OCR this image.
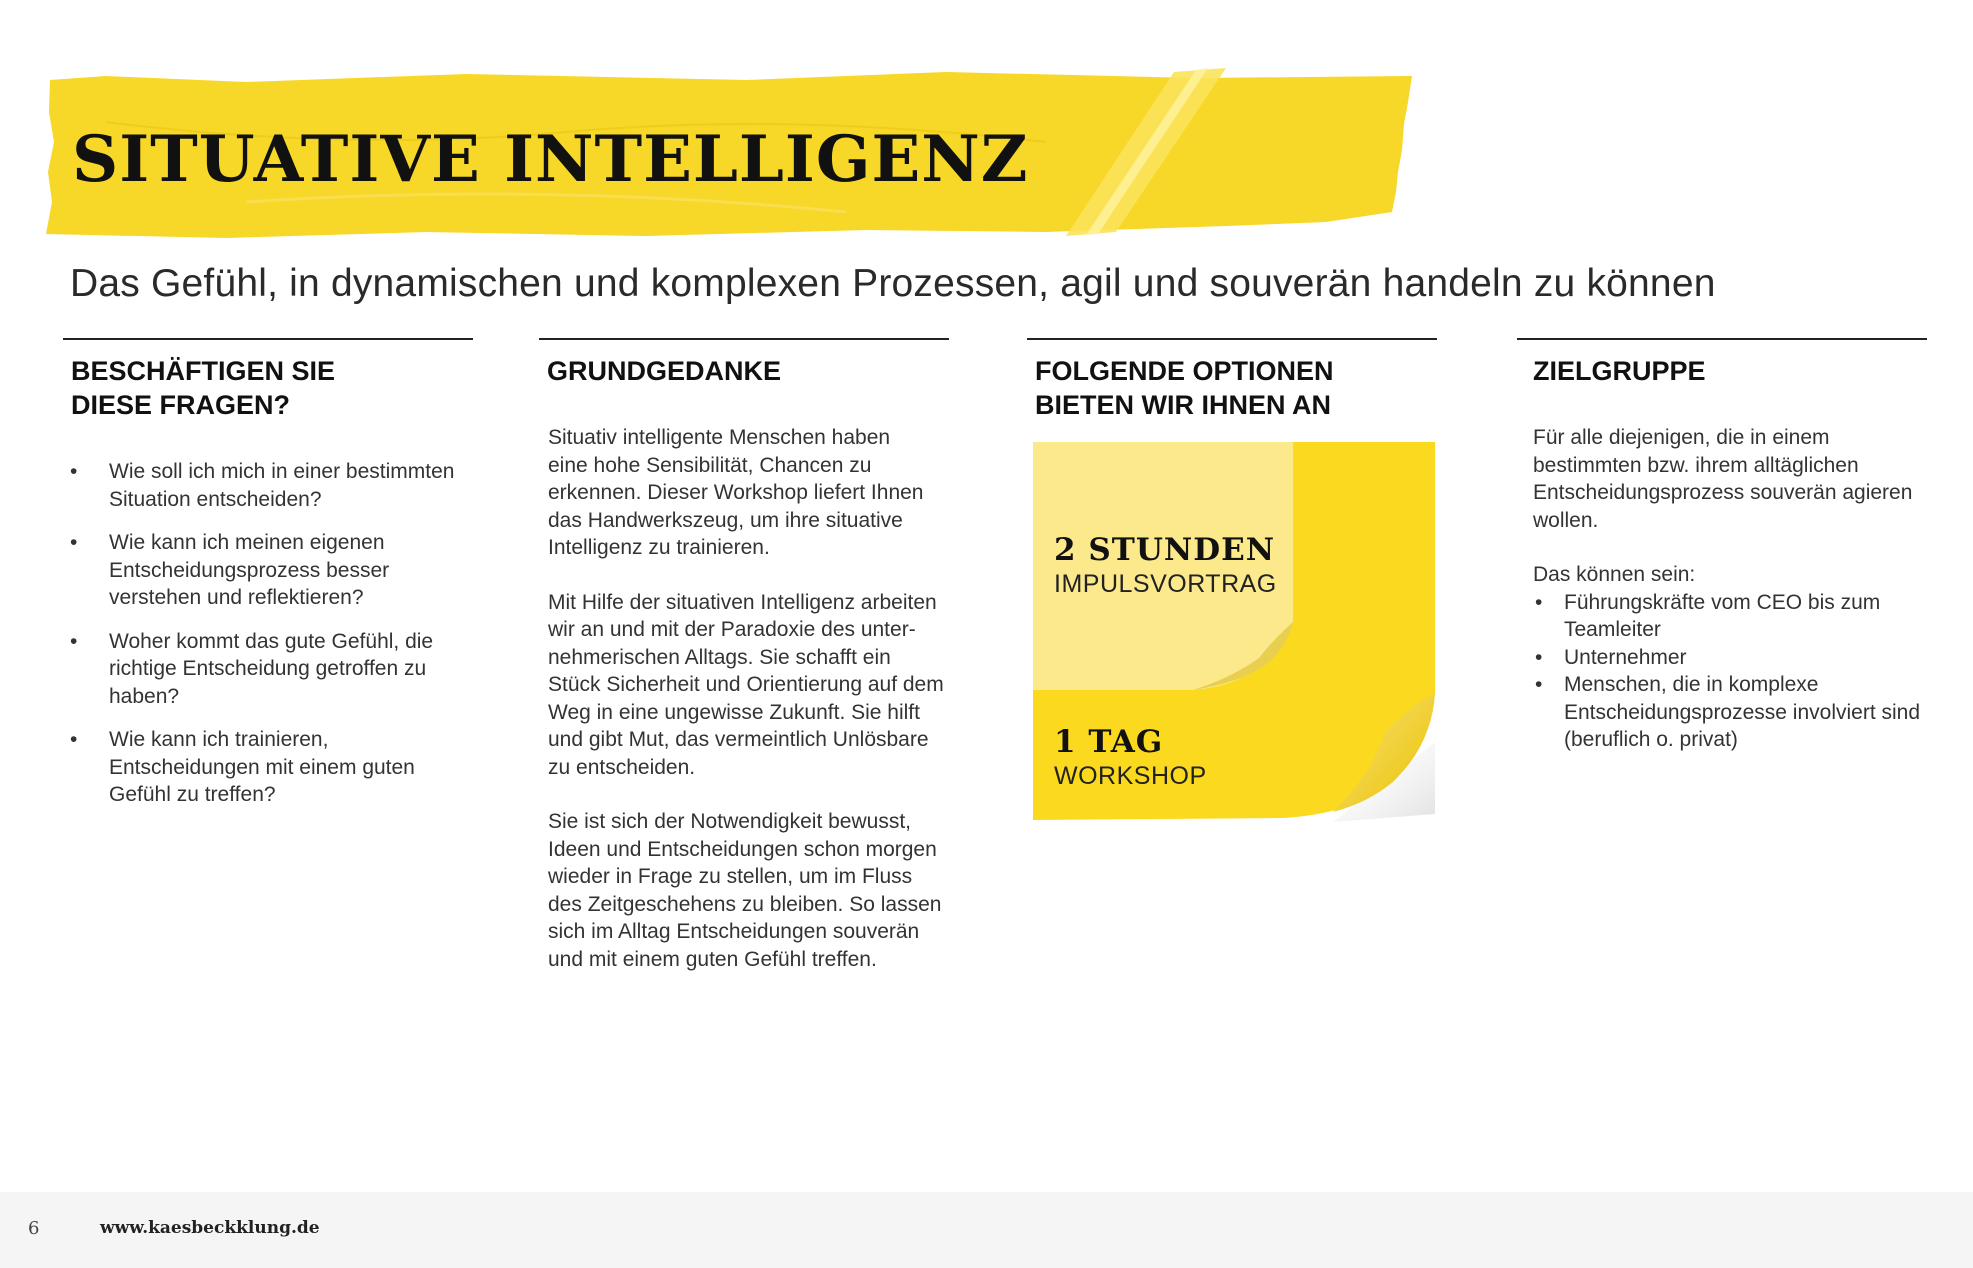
SITUATIVE INTELLIGENZ

Das Gefühl, in dynamischen und komplexen Prozessen, agil und souverän handeln zu können

BESCHÄFTIGEN SIE
DIESE FRAGEN?
• Wie soll ich mich in einer bestimmten Situation entscheiden?
• Wie kann ich meinen eigenen Entscheidungsprozess besser verstehen und reflektieren?
• Woher kommt das gute Gefühl, die richtige Entscheidung getroffen zu haben?
• Wie kann ich trainieren, Entscheidungen mit einem guten Gefühl zu treffen?
GRUNDGEDANKE

Situativ intelligente Menschen haben
eine hohe Sensibilität, Chancen zu
erkennen. Dieser Workshop liefert Ihnen
das Handwerkszeug, um ihre situative
Intelligenz zu trainieren.

Mit Hilfe der situativen Intelligenz arbeiten
wir an und mit der Paradoxie des unter-
nehmerischen Alltags. Sie schafft ein
Stück Sicherheit und Orientierung auf dem
Weg in eine ungewisse Zukunft. Sie hilft
und gibt Mut, das vermeintlich Unlösbare
zu entscheiden.

Sie ist sich der Notwendigkeit bewusst,
Ideen und Entscheidungen schon morgen
wieder in Frage zu stellen, um im Fluss
des Zeitgeschehens zu bleiben. So lassen
sich im Alltag Entscheidungen souverän
und mit einem guten Gefühl treffen.

FOLGENDE OPTIONEN
BIETEN WIR IHNEN AN
2 STUNDEN
IMPULSVORTRAG
1 TAG
WORKSHOP
ZIELGRUPPE

Für alle diejenigen, die in einem bestimmten bzw. ihrem alltäglichen Entscheidungsprozess souverän agieren wollen.

Das können sein:

• Führungskräfte vom CEO bis zum Teamleiter
• Unternehmer
• Menschen, die in komplexe Entscheidungsprozesse involviert sind (beruflich o. privat)
6	www.kaesbeckklung.de
